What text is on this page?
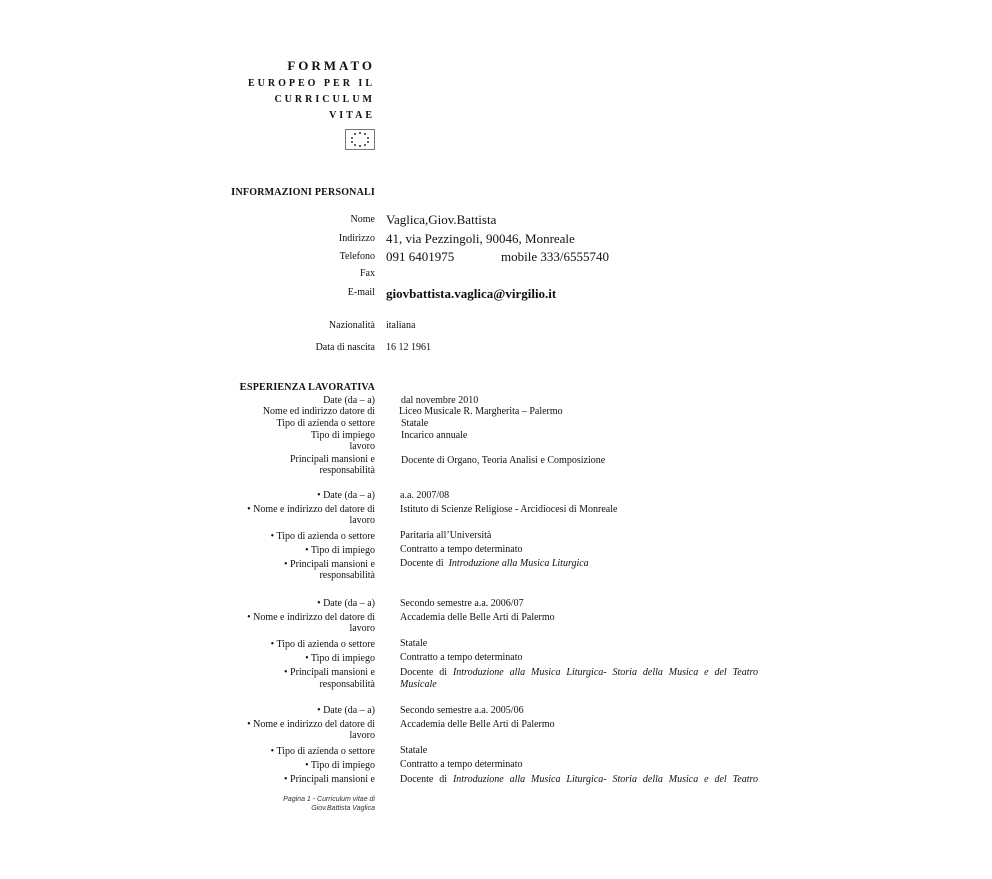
FORMATO
EUROPEO PER IL
CURRICULUM
VITAE
INFORMAZIONI PERSONALI
Nome Vaglica,Giov.Battista
Indirizzo 41, via Pezzingoli, 90046, Monreale
Telefono 091 6401975	mobile 333/6555740
Fax
E-mail giovbattista.vaglica@virgilio.it
Nazionalità italiana
Data di nascita 16 12 1961
ESPERIENZA LAVORATIVA
Date (da – a)
Nome ed indirizzo datore di
Tipo di azienda o settore
Tipo di impiego
lavoro
Principali mansioni e
responsabilità
dal novembre 2010
Liceo Musicale R. Margherita – Palermo
Statale
Incarico annuale
Docente di Organo, Teoria Analisi e Composizione
• Date (da – a)
• Nome e indirizzo del datore di
lavoro
• Tipo di azienda o settore
• Tipo di impiego
• Principali mansioni e
responsabilità
a.a. 2007/08
Istituto di Scienze Religiose - Arcidiocesi di Monreale
Paritaria all’Università
Contratto a tempo determinato
Docente di Introduzione alla Musica Liturgica
• Date (da – a)
• Nome e indirizzo del datore di
lavoro
• Tipo di azienda o settore
• Tipo di impiego
• Principali mansioni e
responsabilità
Secondo semestre a.a. 2006/07
Accademia delle Belle Arti di Palermo
Statale
Contratto a tempo determinato
Docente di Introduzione alla Musica Liturgica- Storia della Musica e del Teatro
Musicale
• Date (da – a)
• Nome e indirizzo del datore di
lavoro
• Tipo di azienda o settore
• Tipo di impiego
• Principali mansioni e
Secondo semestre a.a. 2005/06
Accademia delle Belle Arti di Palermo
Statale
Contratto a tempo determinato
Docente di Introduzione alla Musica Liturgica- Storia della Musica e del Teatro
Pagina 1 - Curriculum vitae di
Giov.Battista Vaglica
